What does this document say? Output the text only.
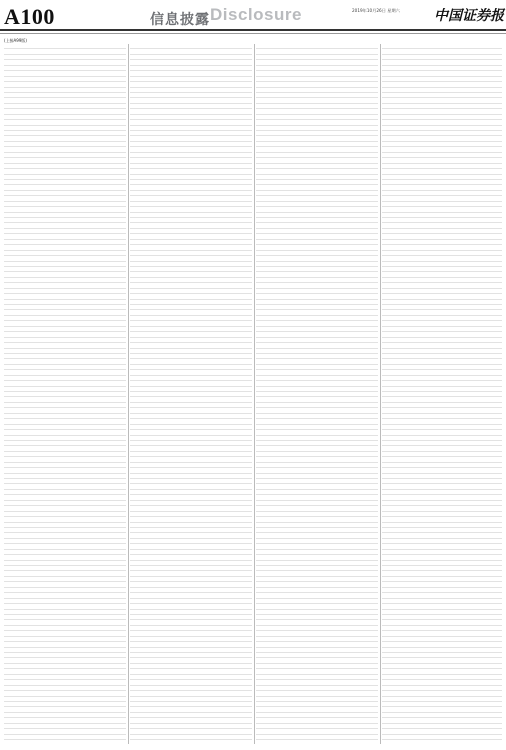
A100	信息披露 Disclosure	2019年10月26日 星期六 中国证券报
(上接A99版)
